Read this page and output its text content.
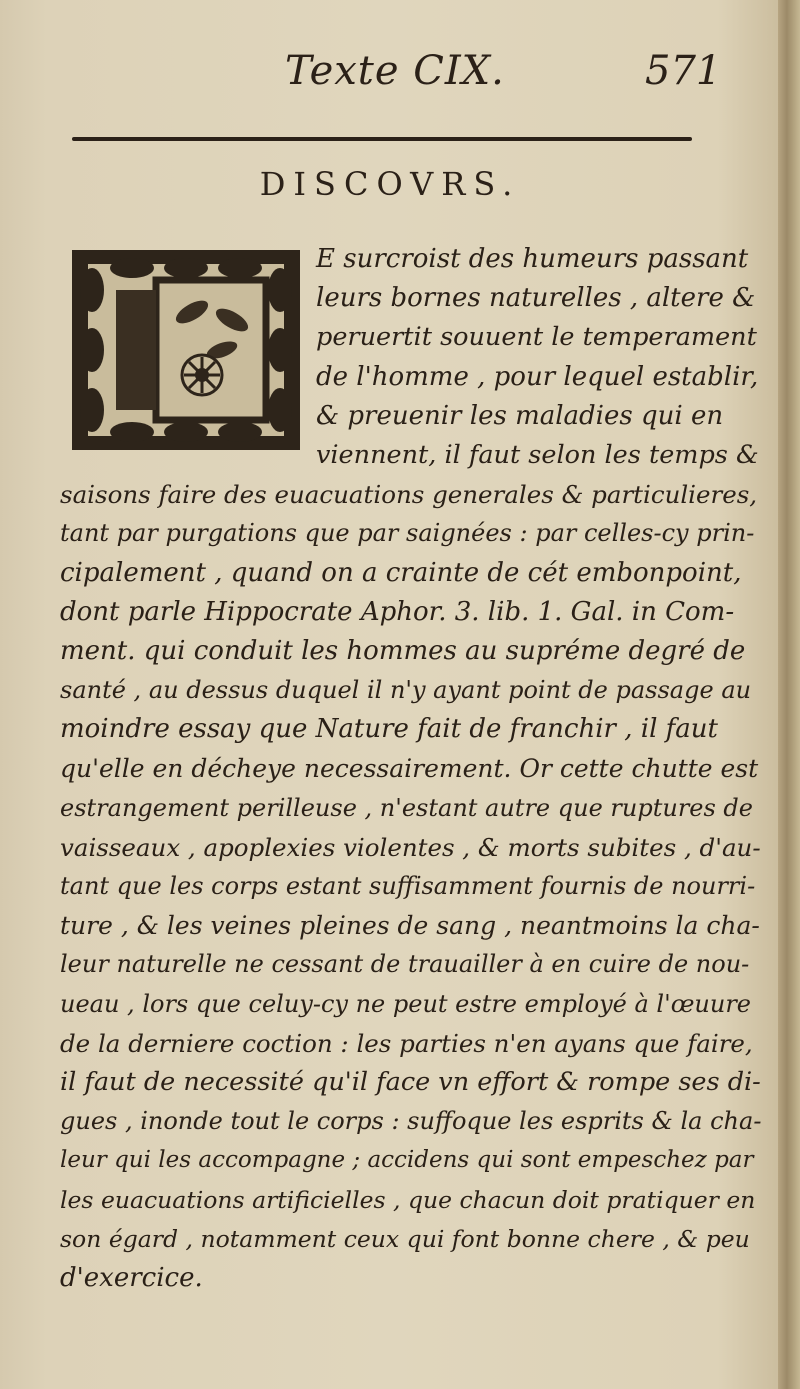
Texte CIX.	571
DISCOVRS.
E surcroist des humeurs passant
leurs bornes naturelles , altere &
peruertit souuent le temperament
de l'homme , pour lequel establir,
& preuenir les maladies qui en
viennent, il faut selon les temps &
saisons faire des euacuations generales & particulieres,
tant par purgations que par saignées : par celles-cy prin-
cipalement , quand on a crainte de cét embonpoint,
dont parle Hippocrate Aphor. 3. lib. 1. Gal. in Com-
ment. qui conduit les hommes au supréme degré de
santé , au dessus duquel il n'y ayant point de passage au
moindre essay que Nature fait de franchir , il faut
qu'elle en décheye necessairement. Or cette chutte est
estrangement perilleuse , n'estant autre que ruptures de
vaisseaux , apoplexies violentes , & morts subites , d'au-
tant que les corps estant suffisamment fournis de nourri-
ture , & les veines pleines de sang , neantmoins la cha-
leur naturelle ne cessant de trauailler à en cuire de nou-
ueau , lors que celuy-cy ne peut estre employé à l'œuure
de la derniere coction : les parties n'en ayans que faire,
il faut de necessité qu'il face vn effort & rompe ses di-
gues , inonde tout le corps : suffoque les esprits & la cha-
leur qui les accompagne ; accidens qui sont empeschez par
les euacuations artificielles , que chacun doit pratiquer en
son égard , notamment ceux qui font bonne chere , & peu
d'exercice.
